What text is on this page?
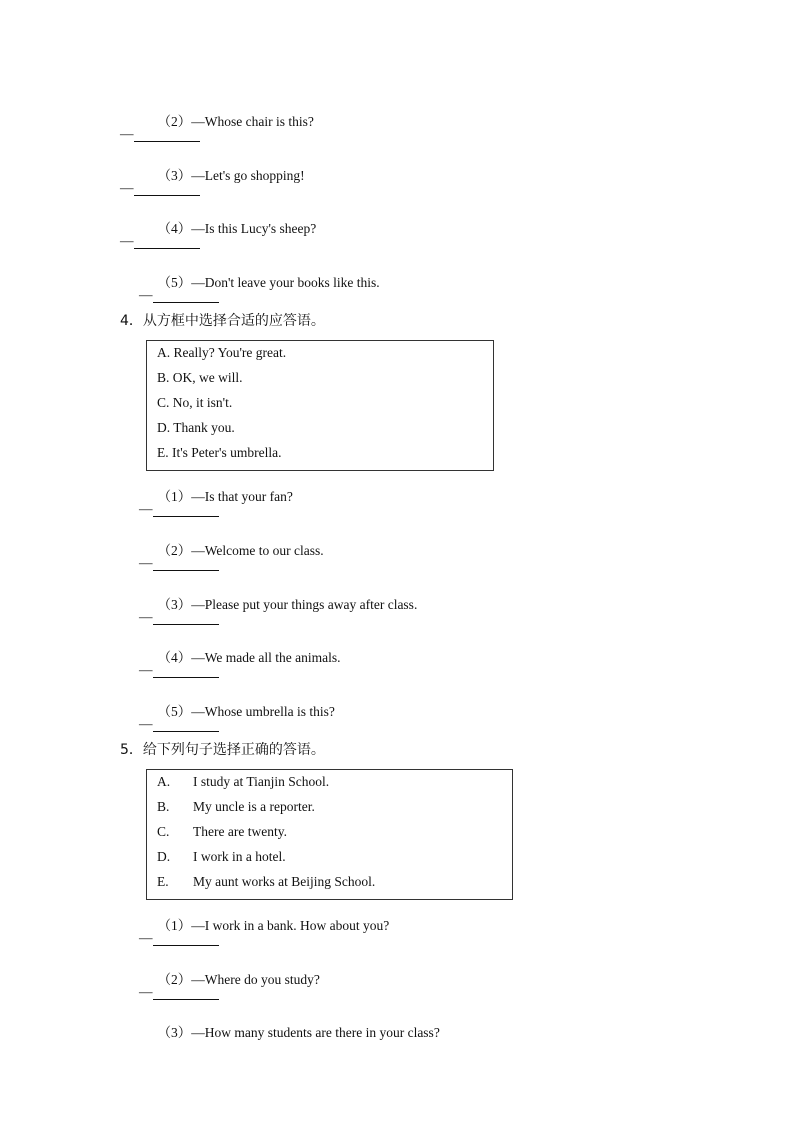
（2）—Whose chair is this?

—

（3）—Let's go shopping!

—

（4）—Is this Lucy's sheep?

—

（5）—Don't leave your books like this.

—
4．从方框中选择合适的应答语。
A. Really? You're great.
B. OK, we will.
C. No, it isn't.
D. Thank you.
E. It's Peter's umbrella.

（1）—Is that your fan?

—

（2）—Welcome to our class.

—

（3）—Please put your things away after class.

—

（4）—We made all the animals.

—

（5）—Whose umbrella is this?

—
5．给下列句子选择正确的答语。
A. I study at Tianjin School.
B. My uncle is a reporter.
C. There are twenty.
D. I work in a hotel.
E. My aunt works at Beijing School.

（1）—I work in a bank. How about you?

—

（2）—Where do you study?

—

（3）—How many students are there in your class?
